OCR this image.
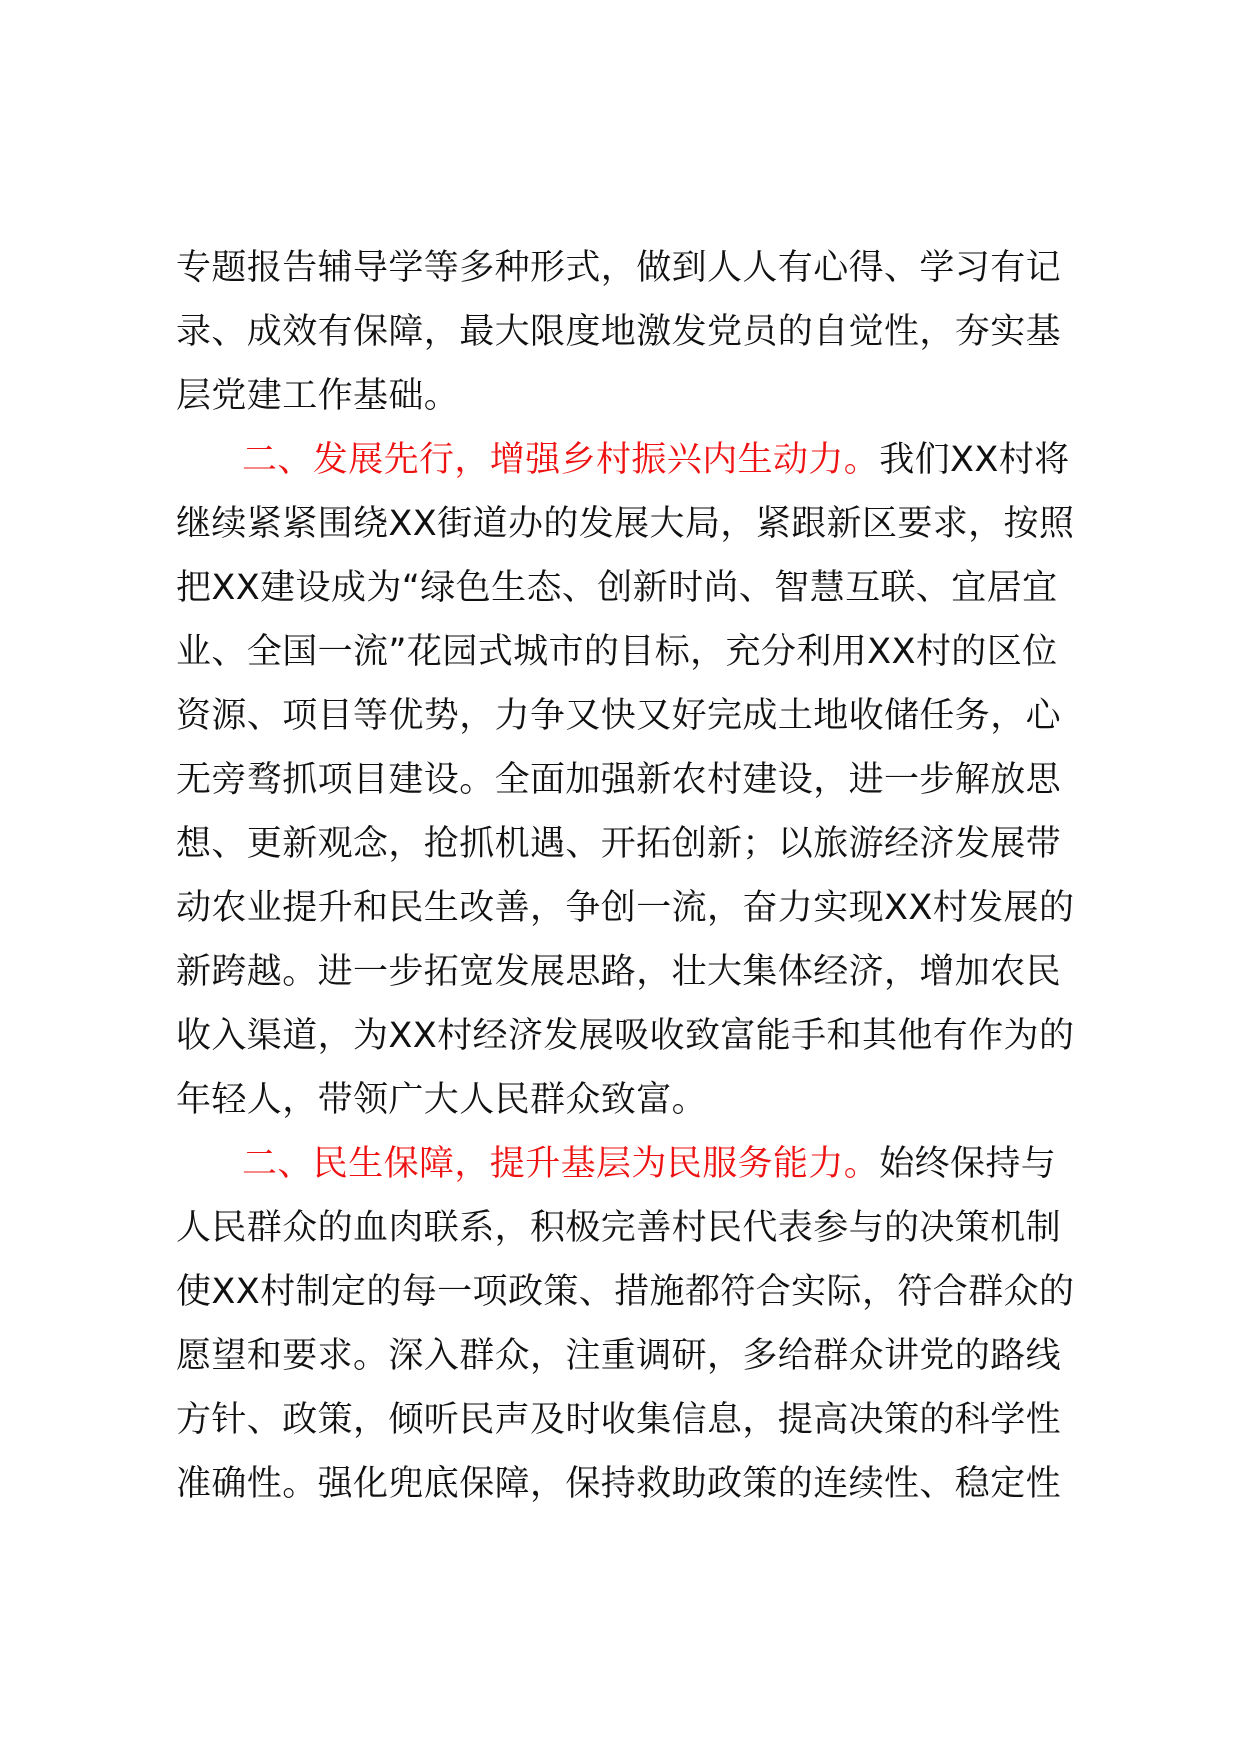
专题报告辅导学等多种形式，做到人人有心得、学习有记
录、成效有保障，最大限度地激发党员的自觉性，夯实基
层党建工作基础。
二、发展先行，增强乡村振兴内生动力。我们XX村将
继续紧紧围绕XX街道办的发展大局，紧跟新区要求，按照
把XX建设成为“绿色生态、创新时尚、智慧互联、宜居宜
业、全国一流”花园式城市的目标，充分利用XX村的区位
资源、项目等优势，力争又快又好完成土地收储任务，心
无旁骛抓项目建设。全面加强新农村建设，进一步解放思
想、更新观念，抢抓机遇、开拓创新；以旅游经济发展带
动农业提升和民生改善，争创一流，奋力实现XX村发展的
新跨越。进一步拓宽发展思路，壮大集体经济，增加农民
收入渠道，为XX村经济发展吸收致富能手和其他有作为的
年轻人，带领广大人民群众致富。
二、民生保障，提升基层为民服务能力。始终保持与
人民群众的血肉联系，积极完善村民代表参与的决策机制
使XX村制定的每一项政策、措施都符合实际，符合群众的
愿望和要求。深入群众，注重调研，多给群众讲党的路线
方针、政策，倾听民声及时收集信息，提高决策的科学性
准确性。强化兜底保障，保持救助政策的连续性、稳定性
